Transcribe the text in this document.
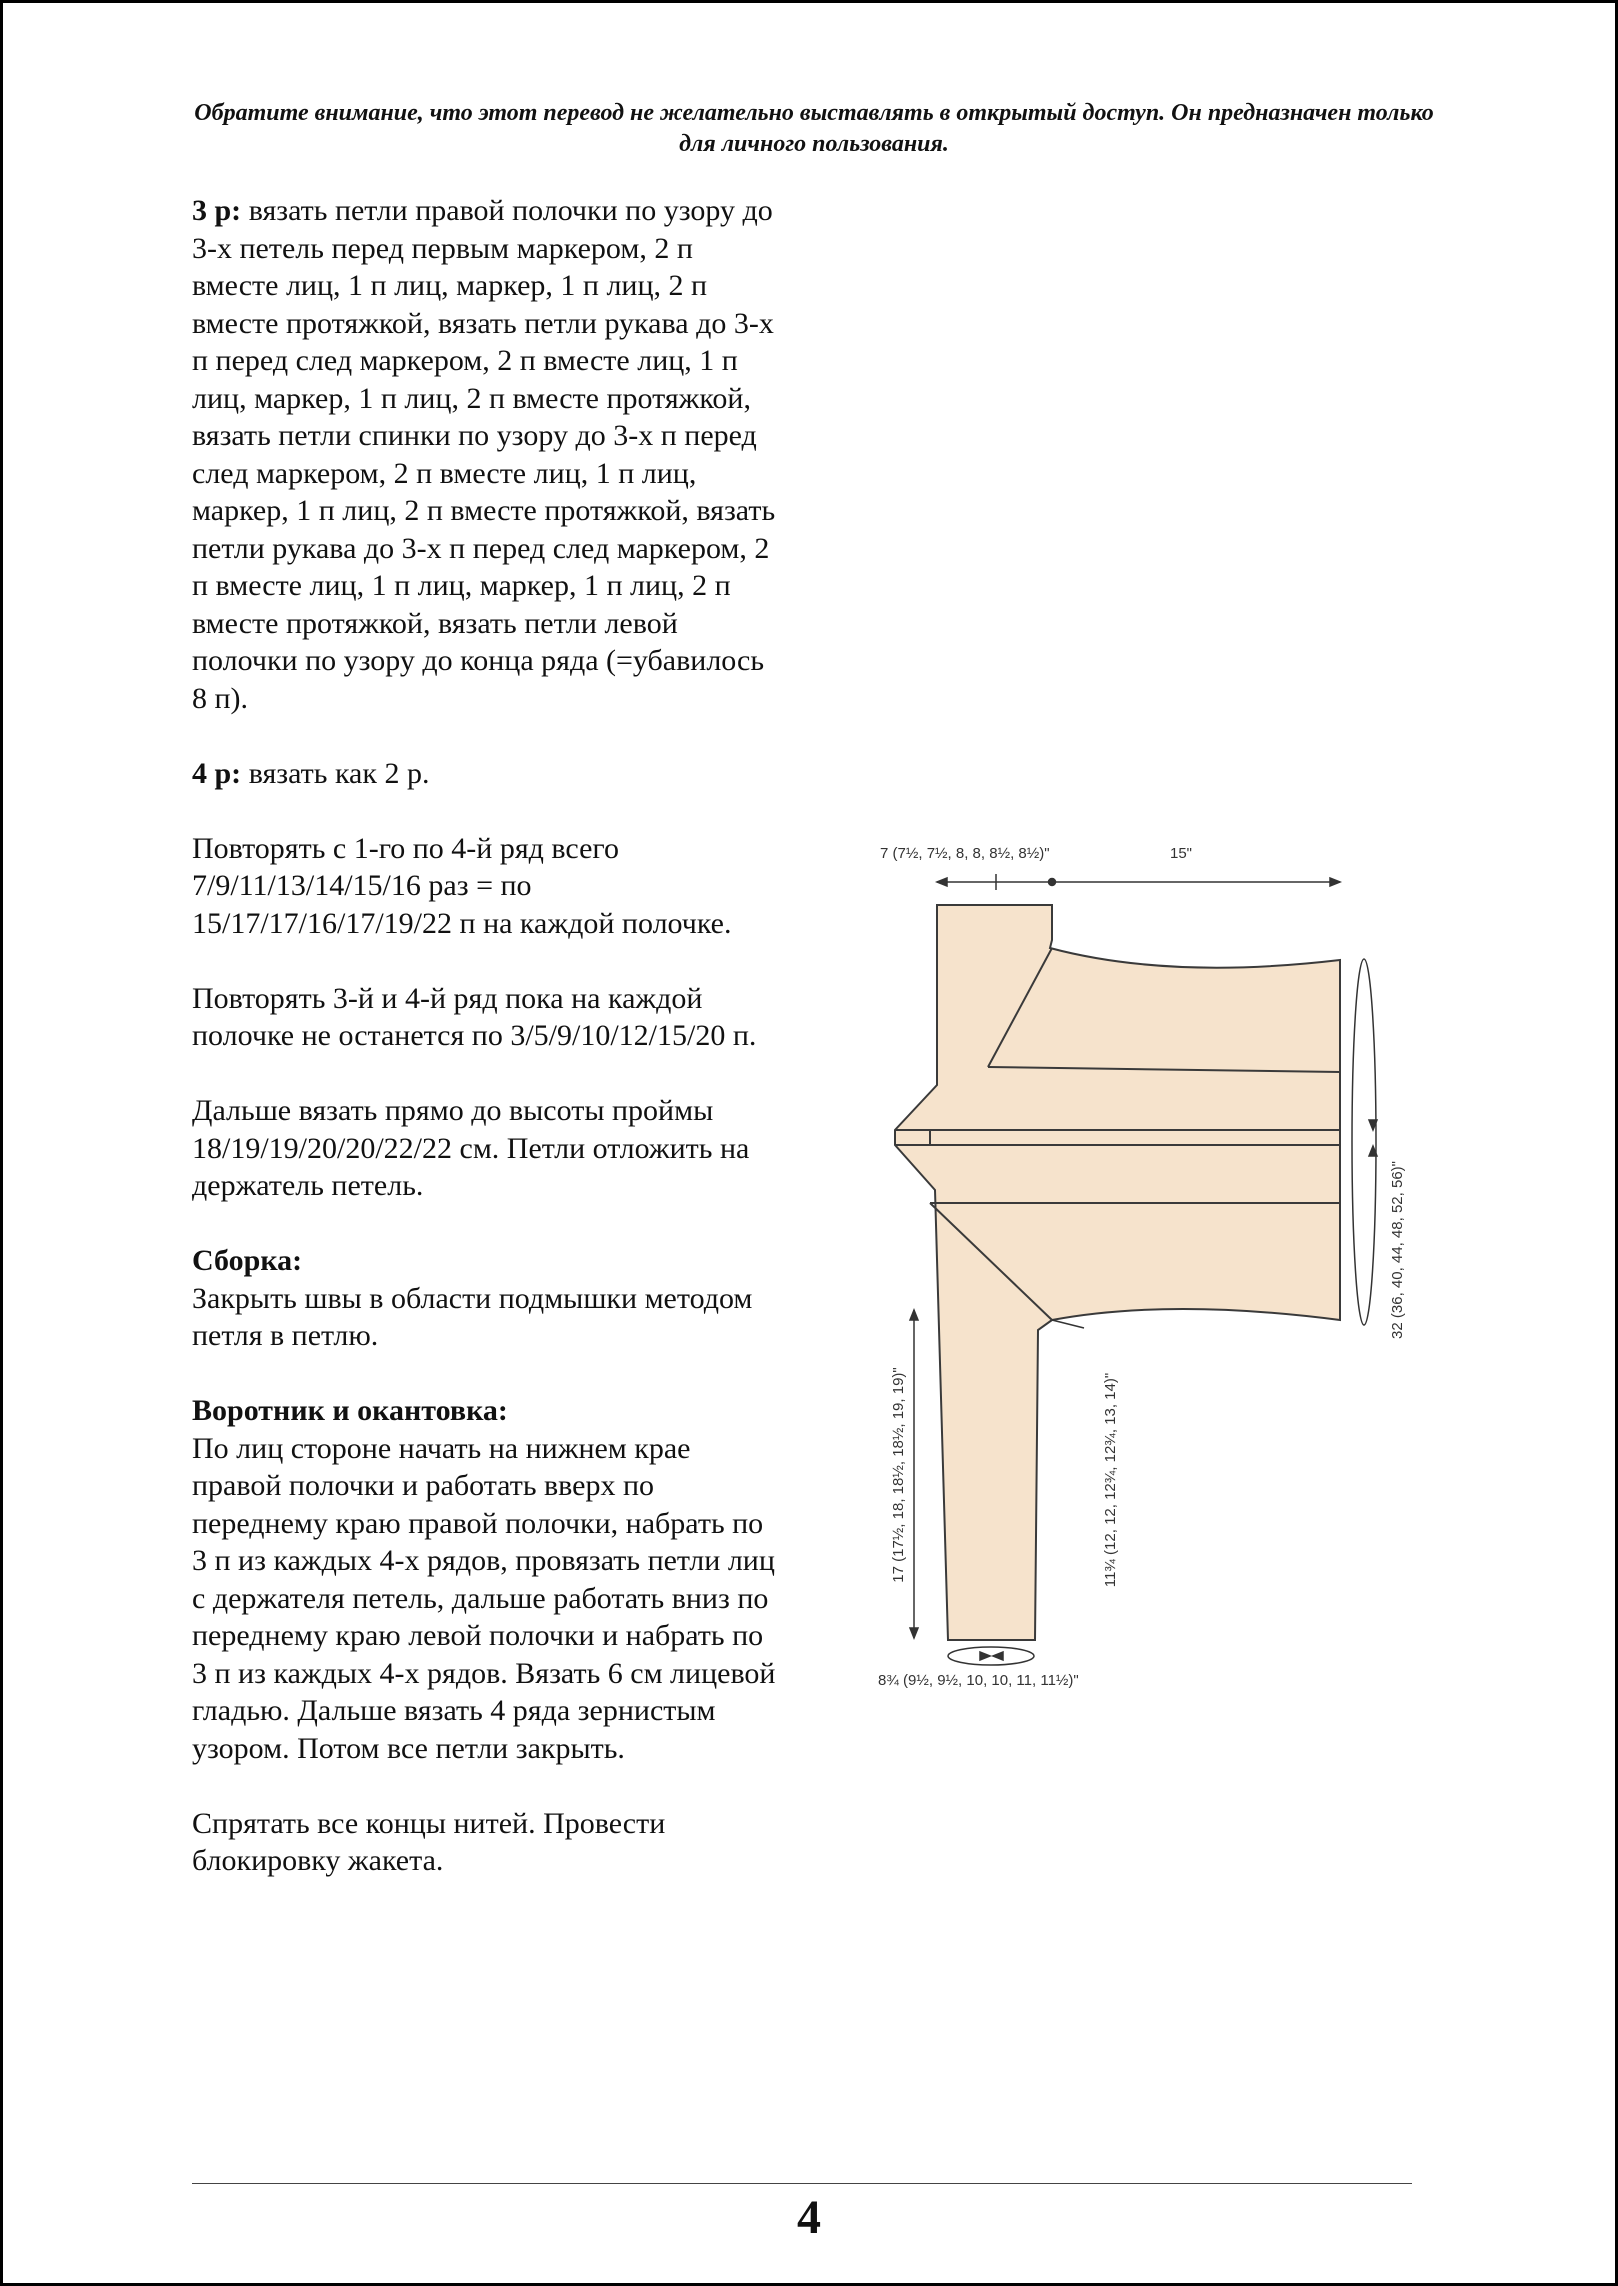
Обратите внимание, что этот перевод не желательно выставлять в открытый доступ. Он предназначен только для личного пользования.

3 р: вязать петли правой полочки по узору до 3-х петель перед первым маркером, 2 п вместе лиц, 1 п лиц, маркер, 1 п лиц, 2 п вместе протяжкой, вязать петли рукава до 3-х п перед след маркером, 2 п вместе лиц, 1 п лиц, маркер, 1 п лиц, 2 п вместе протяжкой, вязать петли спинки по узору до 3-х п перед след маркером, 2 п вместе лиц, 1 п лиц, маркер, 1 п лиц, 2 п вместе протяжкой, вязать петли рукава до 3-х п перед след маркером, 2 п вместе лиц, 1 п лиц, маркер, 1 п лиц, 2 п вместе протяжкой, вязать петли левой полочки по узору до конца ряда (=убавилось 8 п).

4 р: вязать как 2 р.

Повторять с 1-го по 4-й ряд всего 7/9/11/13/14/15/16 раз = по 15/17/17/16/17/19/22 п на каждой полочке.

Повторять 3-й и 4-й ряд пока на каждой полочке не останется по 3/5/9/10/12/15/20 п.

Дальше вязать прямо до высоты проймы 18/19/19/20/20/22/22 см. Петли отложить на держатель петель.

Сборка:
Закрыть швы в области подмышки методом петля в петлю.

Воротник и окантовка:
По лиц стороне начать на нижнем крае правой полочки и работать вверх по переднему краю правой полочки, набрать по 3 п из каждых 4-х рядов, провязать петли лиц с держателя петель, дальше работать вниз по переднему краю левой полочки и набрать по 3 п из каждых 4-х рядов. Вязать 6 см лицевой гладью. Дальше вязать 4 ряда зернистым узором. Потом все петли закрыть.

Спрятать все концы нитей. Провести блокировку жакета.

7 (7½, 7½, 8, 8, 8½, 8½)"	15"
32 (36, 40, 44, 48, 52, 56)"
11¾ (12, 12, 12¾, 12¾, 13, 14)"
17 (17½, 18, 18½, 18½, 19, 19)"
8¾ (9½, 9½, 10, 10, 11, 11½)"
4
